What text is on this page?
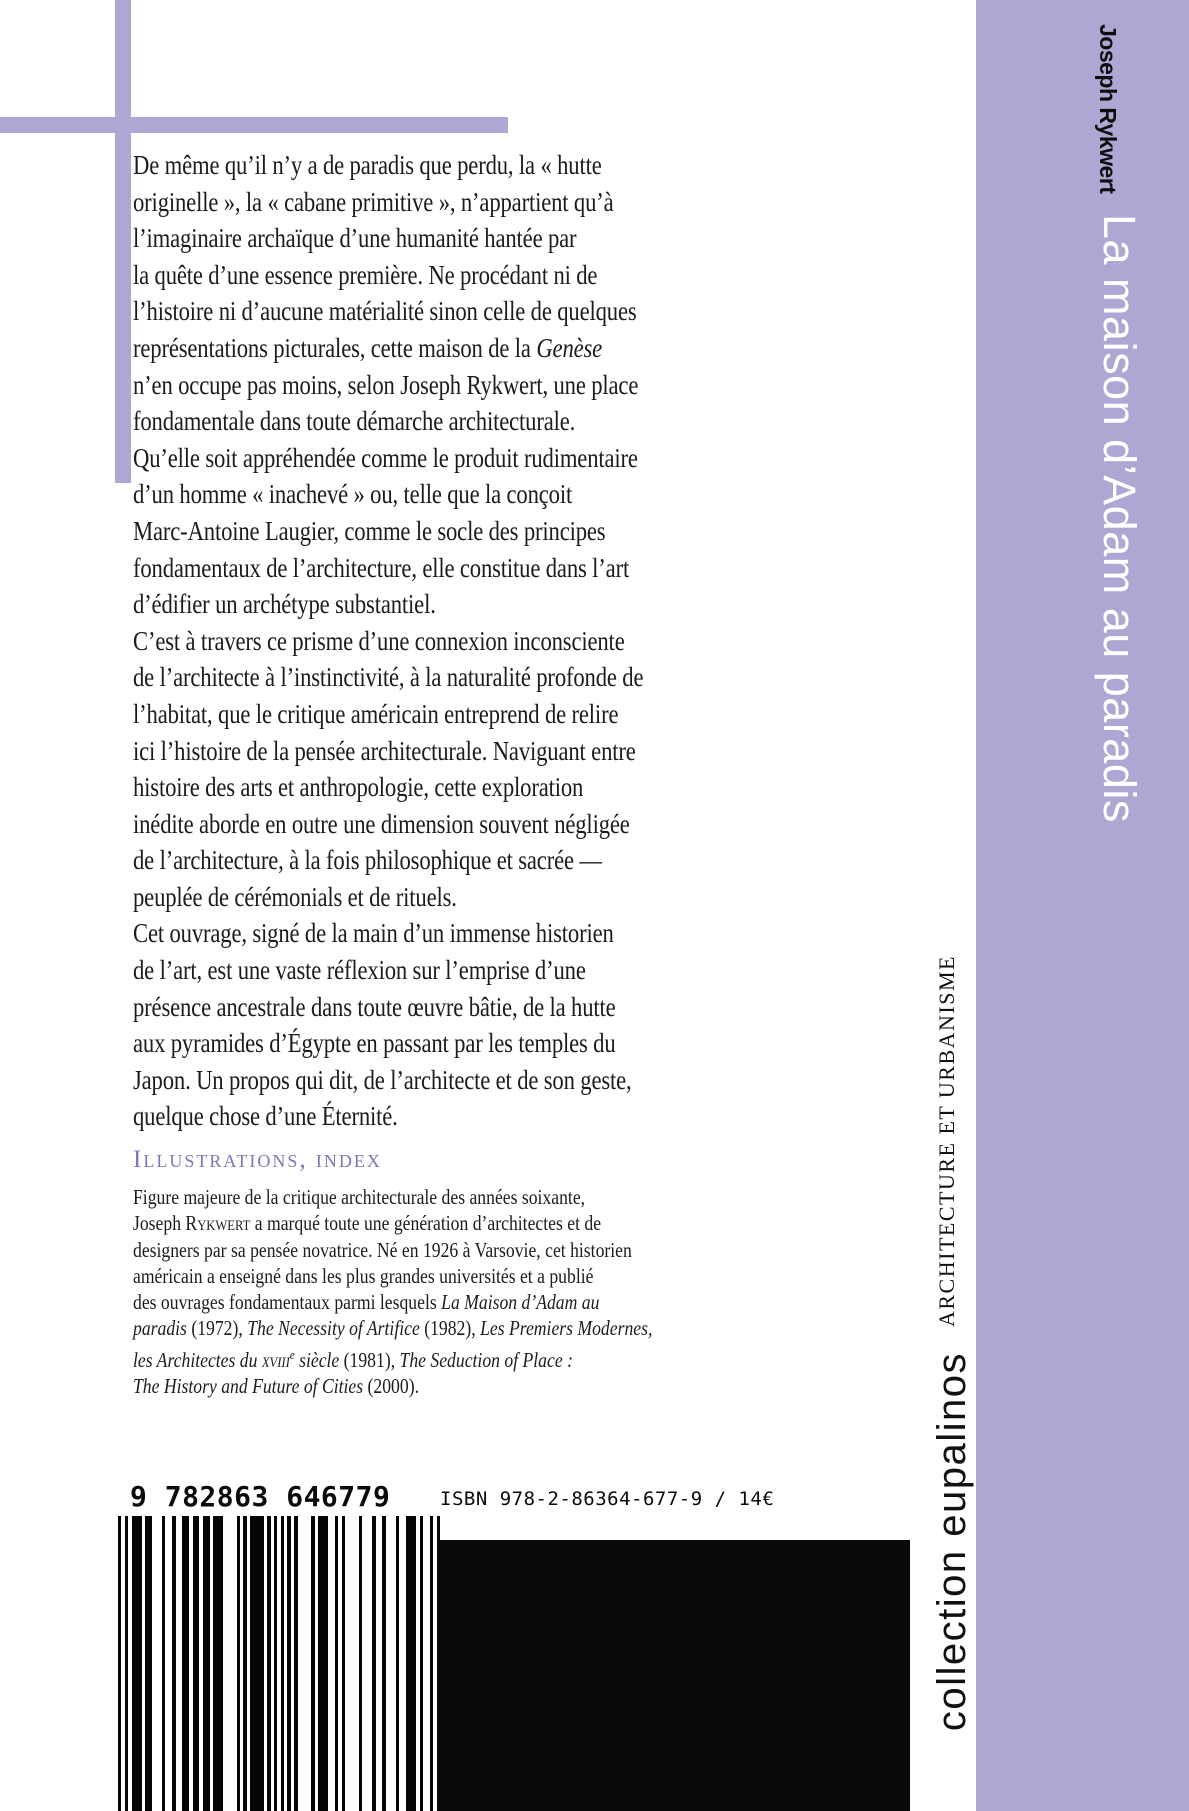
De même qu’il n’y a de paradis que perdu, la « hutte
originelle », la « cabane primitive », n’appartient qu’à
l’imaginaire archaïque d’une humanité hantée par
la quête d’une essence première. Ne procédant ni de
l’histoire ni d’aucune matérialité sinon celle de quelques
représentations picturales, cette maison de la Genèse
n’en occupe pas moins, selon Joseph Rykwert, une place
fondamentale dans toute démarche architecturale.
Qu’elle soit appréhendée comme le produit rudimentaire
d’un homme « inachevé » ou, telle que la conçoit
Marc-Antoine Laugier, comme le socle des principes
fondamentaux de l’architecture, elle constitue dans l’art
d’édifier un archétype substantiel.
C’est à travers ce prisme d’une connexion inconsciente
de l’architecte à l’instinctivité, à la naturalité profonde de
l’habitat, que le critique américain entreprend de relire
ici l’histoire de la pensée architecturale. Naviguant entre
histoire des arts et anthropologie, cette exploration
inédite aborde en outre une dimension souvent négligée
de l’architecture, à la fois philosophique et sacrée —
peuplée de cérémonials et de rituels.
Cet ouvrage, signé de la main d’un immense historien
de l’art, est une vaste réflexion sur l’emprise d’une
présence ancestrale dans toute œuvre bâtie, de la hutte
aux pyramides d’Égypte en passant par les temples du
Japon. Un propos qui dit, de l’architecte et de son geste,
quelque chose d’une Éternité.
Illustrations, index
Figure majeure de la critique architecturale des années soixante,
Joseph Rykwert a marqué toute une génération d’architectes et de
designers par sa pensée novatrice. Né en 1926 à Varsovie, cet historien
américain a enseigné dans les plus grandes universités et a publié
des ouvrages fondamentaux parmi lesquels La Maison d’Adam au
paradis (1972), The Necessity of Artifice (1982), Les Premiers Modernes,
les Architectes du xviii$^e$ siècle (1981), The Seduction of Place :
The History and Future of Cities (2000).
Joseph Rykwert
La maison d’Adam au paradis
ARCHITECTURE ET URBANISME
collection eupalinos
9 782863 646779	ISBN 978-2-86364-677-9 / 14€
